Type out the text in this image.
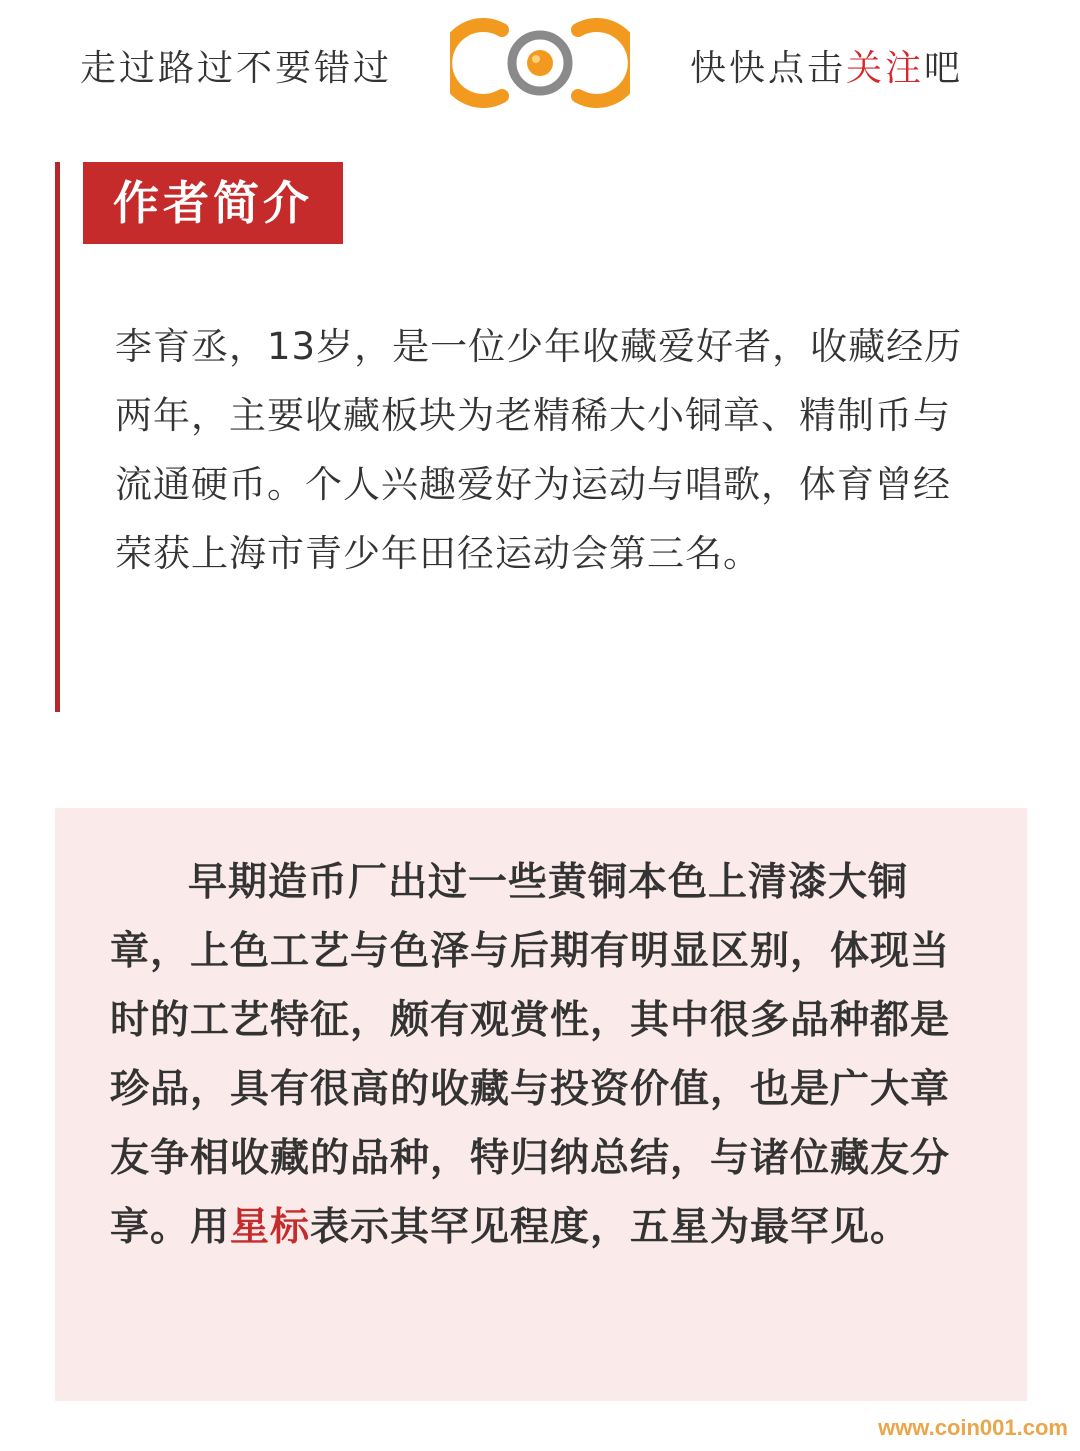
走过路过不要错过	快快点击关注吧
作者简介

李育丞，13岁，是一位少年收藏爱好者，收藏经历两年，主要收藏板块为老精稀大小铜章、精制币与流通硬币。个人兴趣爱好为运动与唱歌，体育曾经荣获上海市青少年田径运动会第三名。

早期造币厂出过一些黄铜本色上清漆大铜章，上色工艺与色泽与后期有明显区别，体现当时的工艺特征，颇有观赏性，其中很多品种都是珍品，具有很高的收藏与投资价值，也是广大章友争相收藏的品种，特归纳总结，与诸位藏友分享。用星标表示其罕见程度，五星为最罕见。

www.coin001.com
